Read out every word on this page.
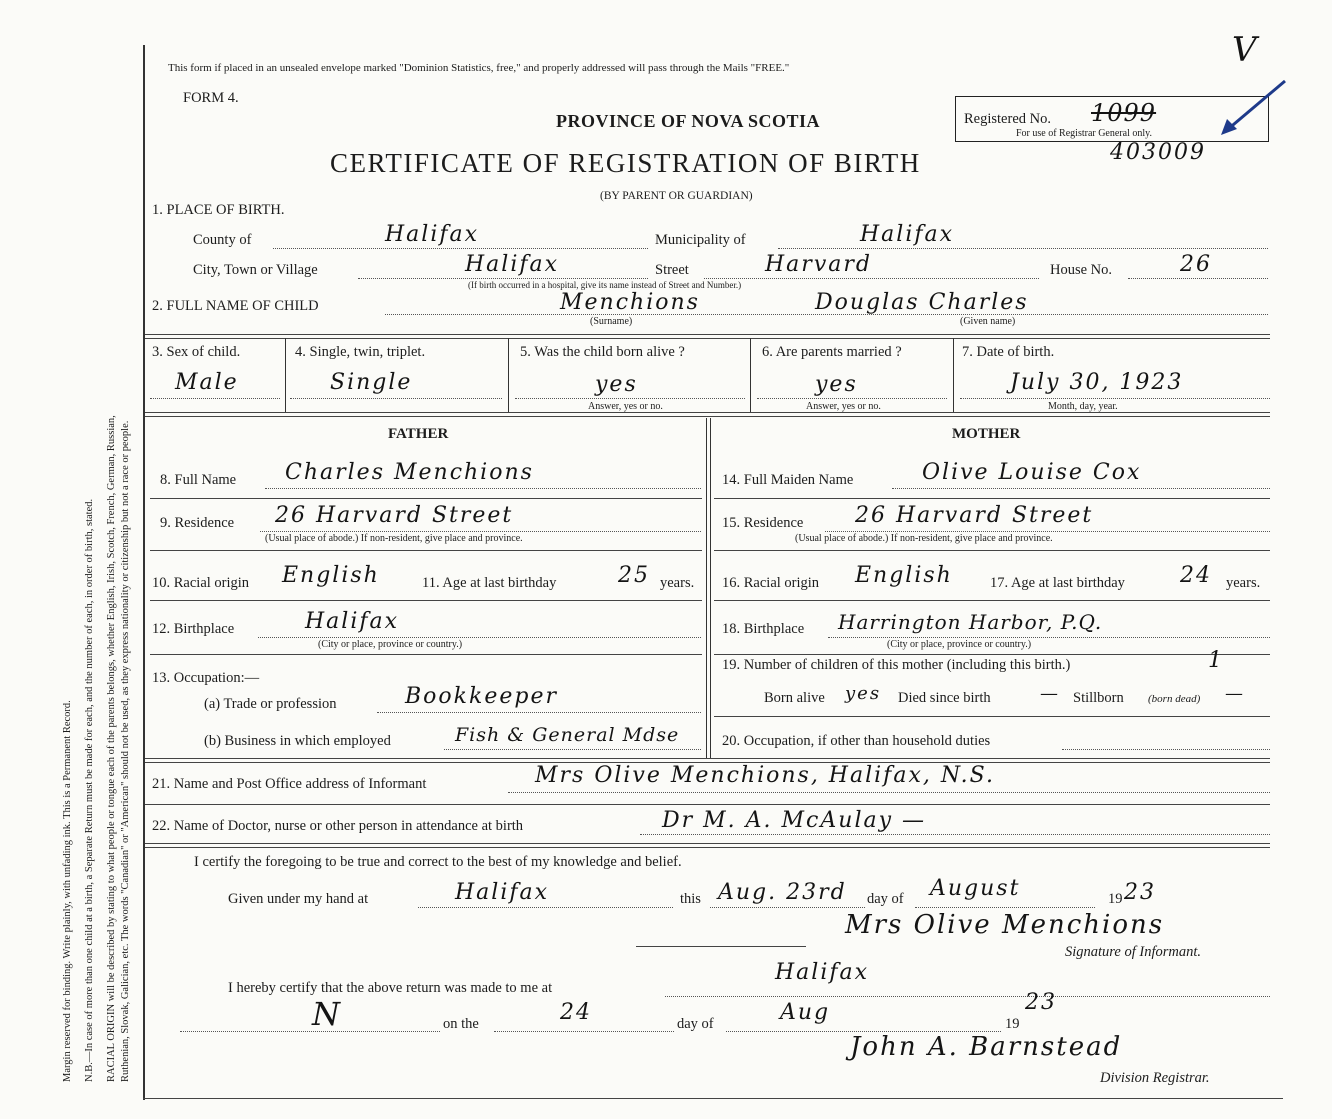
Margin reserved for binding. Write plainly, with unfading ink. This is a Permanent Record. N.B.—In case of more than one child at a birth, a Separate Return must be made for each, and the number of each, in order of birth, stated. RACIAL ORIGIN will be described by stating to what people or tongue each of the parents belongs, whether English, Irish, Scotch, French, German, Russian, Ruthenian, Slovak, Galician, etc. The words "Canadian" or "American" should not be used, as they express nationality or citizenship but not a race or people.
This form if placed in an unsealed envelope marked "Dominion Statistics, free," and properly addressed will pass through the Mails "FREE."
FORM 4.
PROVINCE OF NOVA SCOTIA
CERTIFICATE OF REGISTRATION OF BIRTH
(BY PARENT OR GUARDIAN)
Registered No. 1099
For use of Registrar General only.
403009
V
1. PLACE OF BIRTH.
County of	Halifax	Municipality of	Halifax
City, Town or Village	Halifax	Street	Harvard
(If birth occurred in a hospital, give its name instead of Street and Number.)
House No.	26
2. FULL NAME OF CHILD	Menchions	Douglas Charles
(Surname)	(Given name)
3. Sex of child.
Male
4. Single, twin, triplet.
Single
5. Was the child born alive ?
yes
Answer, yes or no.
6. Are parents married ?
yes
Answer, yes or no.
7. Date of birth.
July 30, 1923
Month, day, year.
FATHER	MOTHER
8. Full Name Charles Menchions
9. Residence 26 Harvard Street
(Usual place of abode.) If non-resident, give place and province.
10. Racial origin English	11. Age at last birthday	25 years.
12. Birthplace	Halifax
(City or place, province or country.)
13. Occupation:—
(a) Trade or profession	Bookkeeper
(b) Business in which employed	Fish & General Mdse
14. Full Maiden Name	Olive Louise Cox
15. Residence 26 Harvard Street
(Usual place of abode.) If non-resident, give place and province.
16. Racial origin English	17. Age at last birthday	24 years.
18. Birthplace Harrington Harbor, P.Q.
(City or place, province or country.)
19. Number of children of this mother (including this birth.)	1
Born alive yes Died since birth	— Stillborn (born dead) —
20. Occupation, if other than household duties
21. Name and Post Office address of Informant	Mrs Olive Menchions, Halifax, N.S.
22. Name of Doctor, nurse or other person in attendance at birth	Dr M. A. McAulay —
I certify the foregoing to be true and correct to the best of my knowledge and belief.
Given under my hand at	Halifax	this Aug. 23rd day of August	19 23
Mrs Olive Menchions
Signature of Informant.
I hereby certify that the above return was made to me at
Halifax
N	on the	24	day of	Aug	19
23
John A. Barnstead
Division Registrar.
